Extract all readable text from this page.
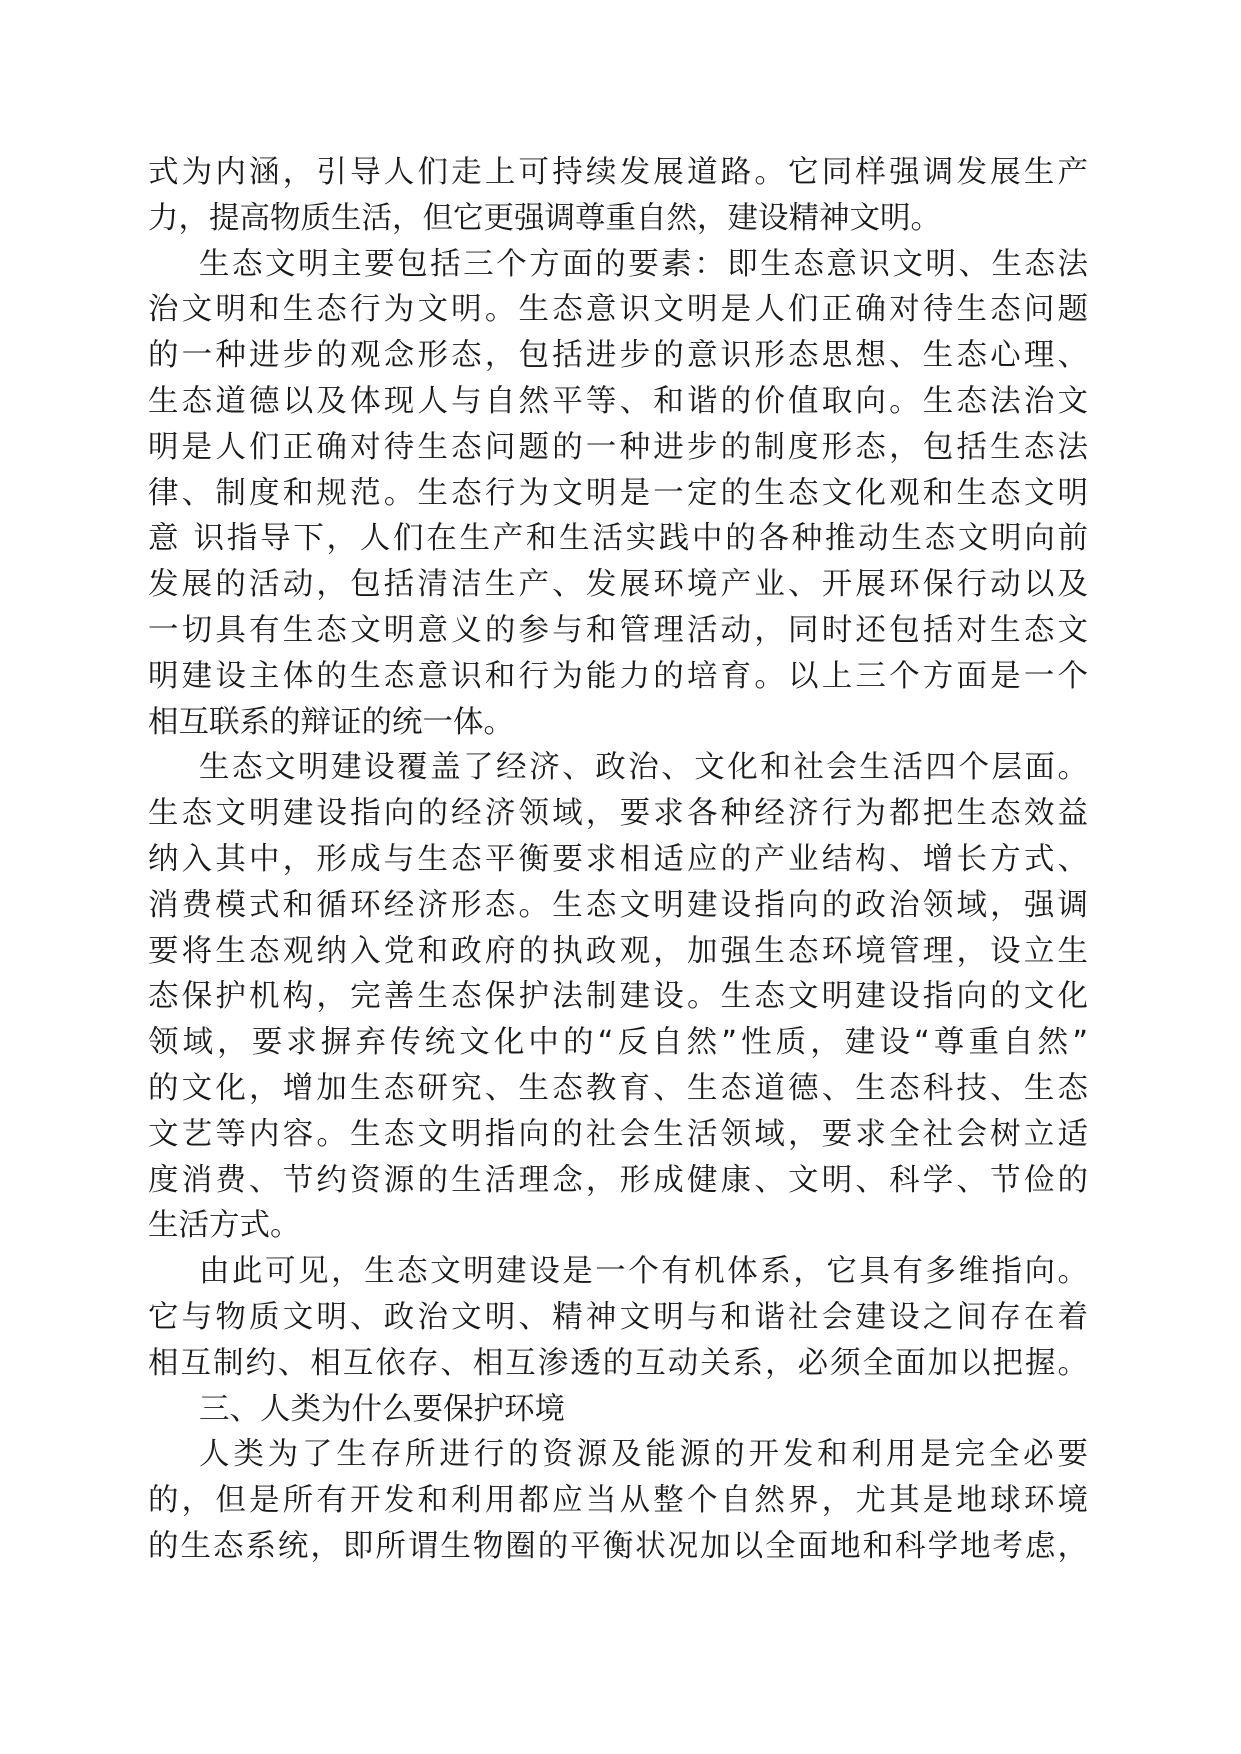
式为内涵，引导人们走上可持续发展道路。它同样强调发展生产
力，提高物质生活，但它更强调尊重自然，建设精神文明。
生态文明主要包括三个方面的要素：即生态意识文明、生态法
治文明和生态行为文明。生态意识文明是人们正确对待生态问题
的一种进步的观念形态，包括进步的意识形态思想、生态心理、
生态道德以及体现人与自然平等、和谐的价值取向。生态法治文
明是人们正确对待生态问题的一种进步的制度形态，包括生态法
律、制度和规范。生态行为文明是一定的生态文化观和生态文明
意 识指导下，人们在生产和生活实践中的各种推动生态文明向前
发展的活动，包括清洁生产、发展环境产业、开展环保行动以及
一切具有生态文明意义的参与和管理活动，同时还包括对生态文
明建设主体的生态意识和行为能力的培育。以上三个方面是一个
相互联系的辩证的统一体。
生态文明建设覆盖了经济、政治、文化和社会生活四个层面。
生态文明建设指向的经济领域，要求各种经济行为都把生态效益
纳入其中，形成与生态平衡要求相适应的产业结构、增长方式、
消费模式和循环经济形态。生态文明建设指向的政治领域，强调
要将生态观纳入党和政府的执政观，加强生态环境管理，设立生
态保护机构，完善生态保护法制建设。生态文明建设指向的文化
领域，要求摒弃传统文化中的“反自然”性质，建设“尊重自然”
的文化，增加生态研究、生态教育、生态道德、生态科技、生态
文艺等内容。生态文明指向的社会生活领域，要求全社会树立适
度消费、节约资源的生活理念，形成健康、文明、科学、节俭的
生活方式。
由此可见，生态文明建设是一个有机体系，它具有多维指向。
它与物质文明、政治文明、精神文明与和谐社会建设之间存在着
相互制约、相互依存、相互渗透的互动关系，必须全面加以把握。
三、人类为什么要保护环境
人类为了生存所进行的资源及能源的开发和利用是完全必要
的，但是所有开发和利用都应当从整个自然界，尤其是地球环境
的生态系统，即所谓生物圈的平衡状况加以全面地和科学地考虑，
